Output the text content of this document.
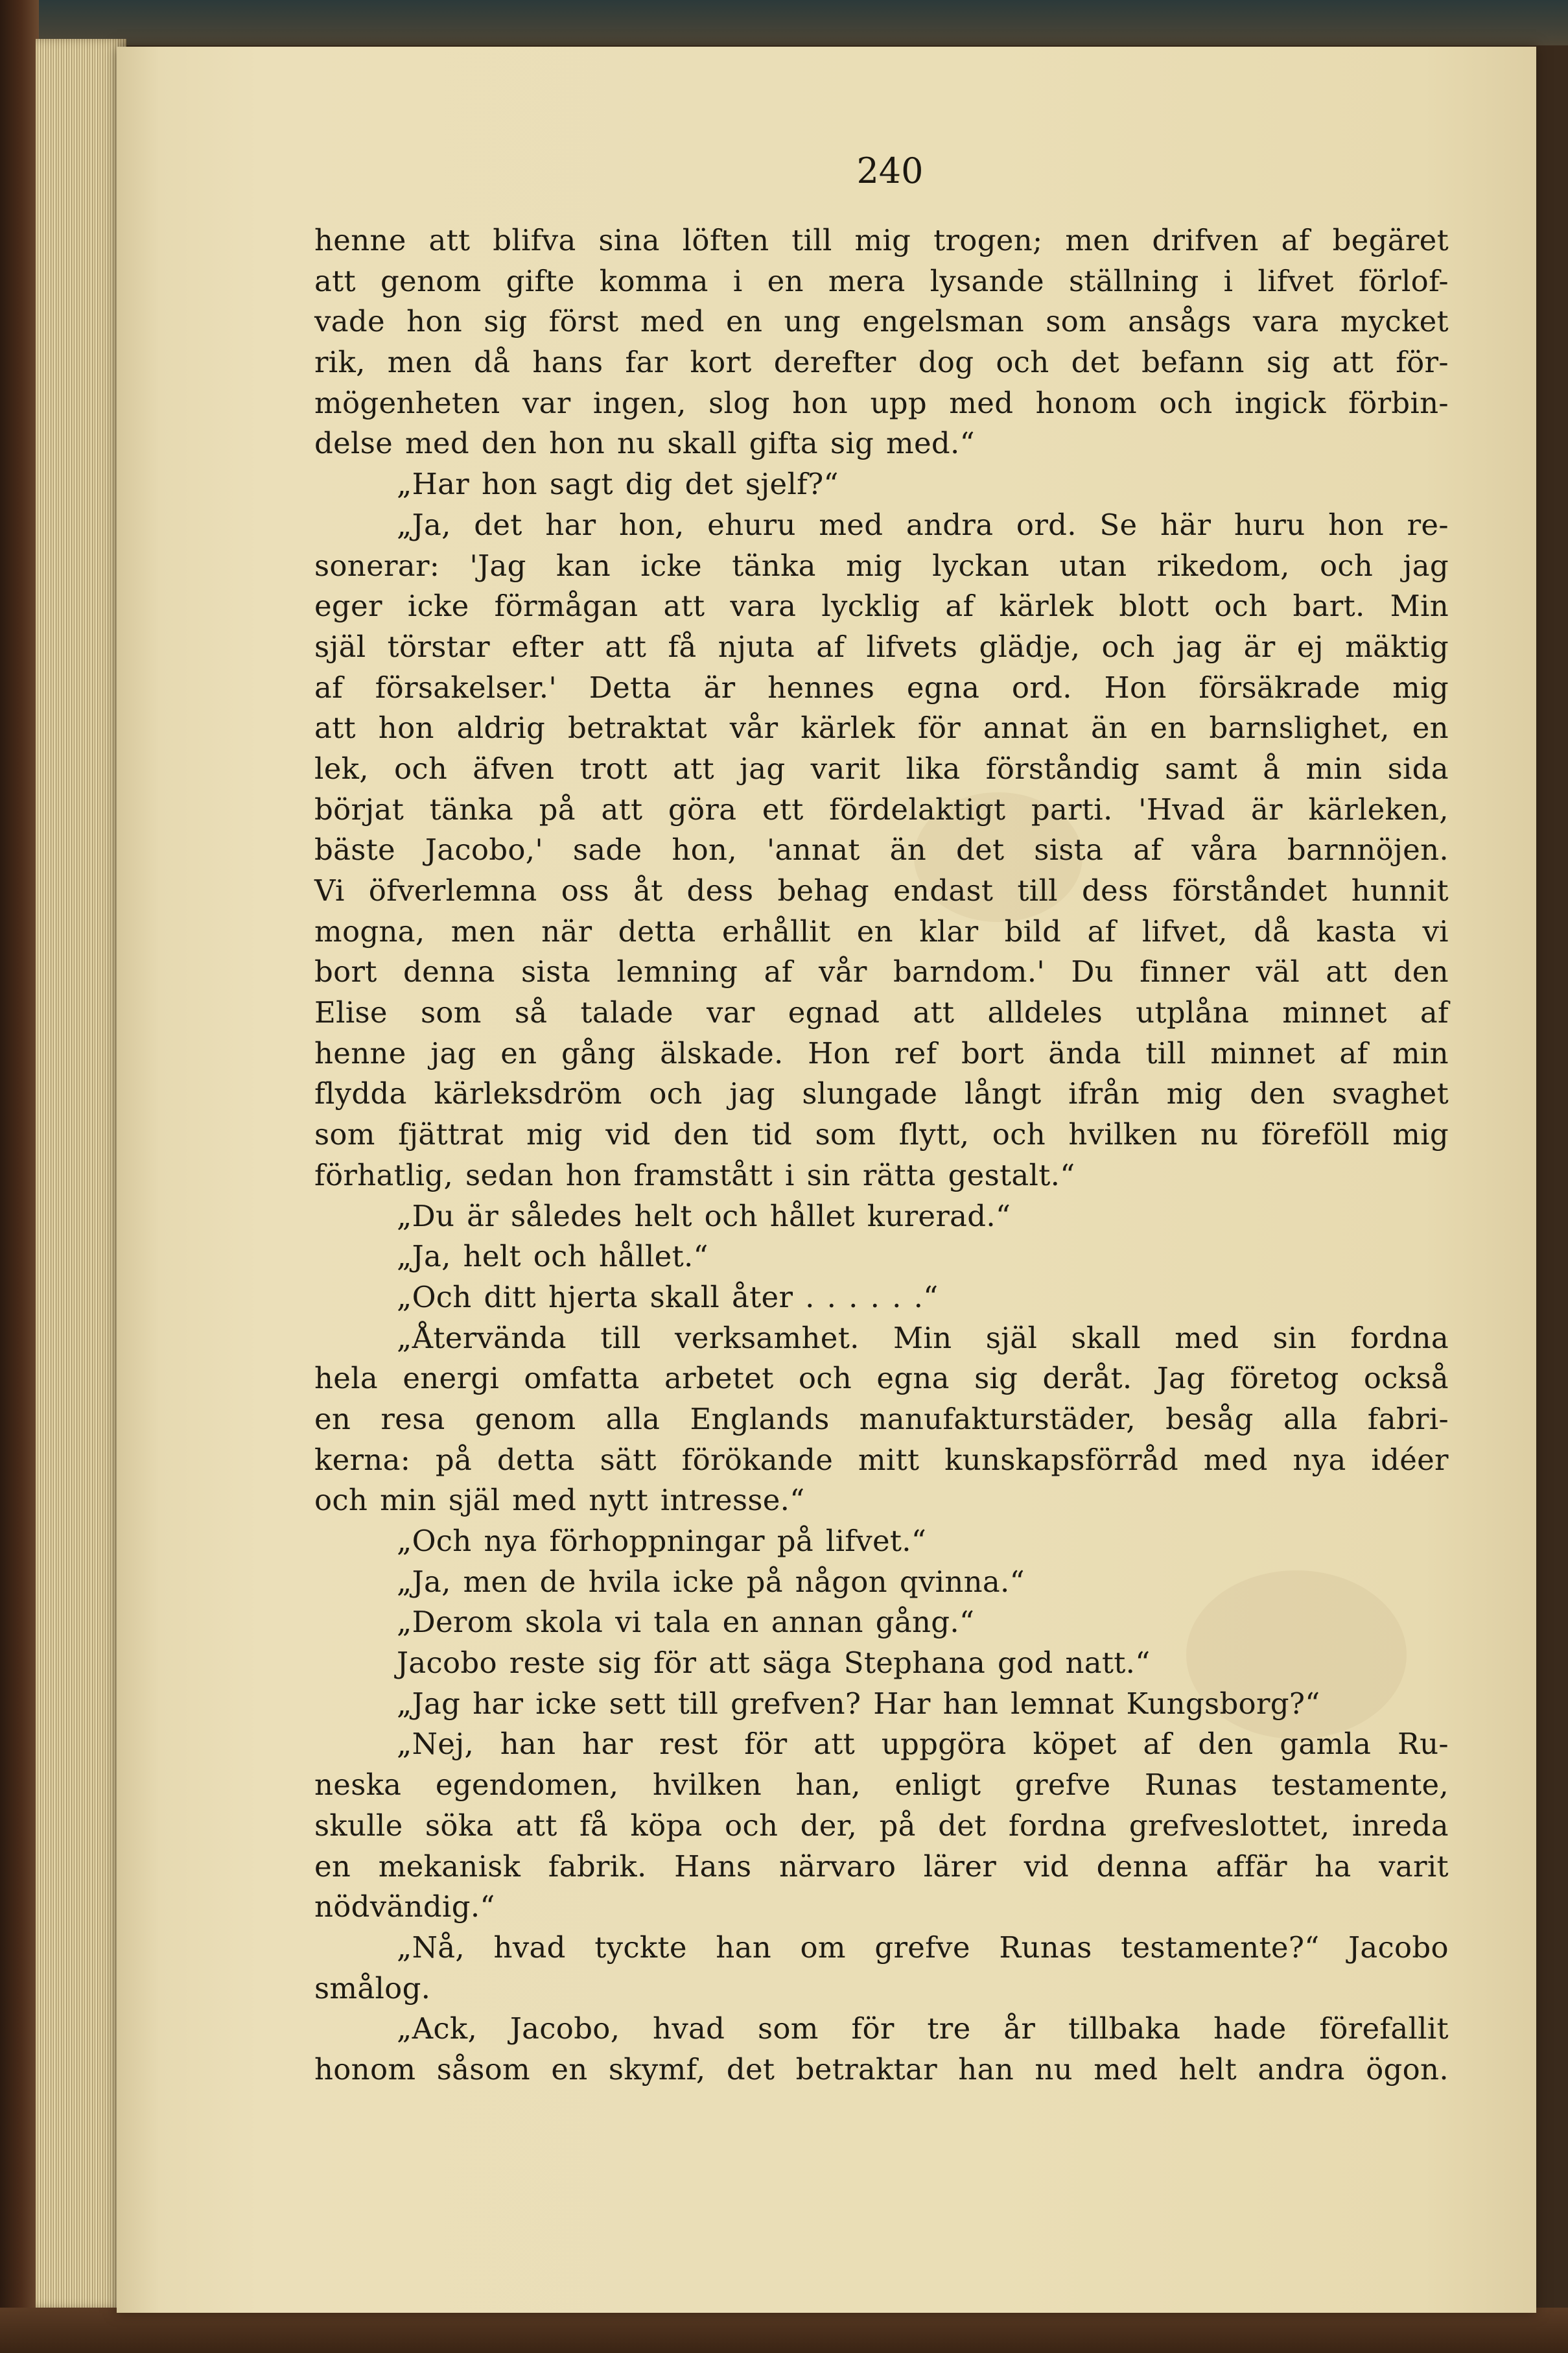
240
henne att blifva sina löften till mig trogen; men drifven af begäret
att genom gifte komma i en mera lysande ställning i lifvet förlof-
vade hon sig först med en ung engelsman som ansågs vara mycket
rik, men då hans far kort derefter dog och det befann sig att för-
mögenheten var ingen, slog hon upp med honom och ingick förbin-
delse med den hon nu skall gifta sig med.“
„Har hon sagt dig det sjelf?“
„Ja, det har hon, ehuru med andra ord. Se här huru hon re-
sonerar: 'Jag kan icke tänka mig lyckan utan rikedom, och jag
eger icke förmågan att vara lycklig af kärlek blott och bart. Min
själ törstar efter att få njuta af lifvets glädje, och jag är ej mäktig
af försakelser.' Detta är hennes egna ord. Hon försäkrade mig
att hon aldrig betraktat vår kärlek för annat än en barnslighet, en
lek, och äfven trott att jag varit lika förståndig samt å min sida
börjat tänka på att göra ett fördelaktigt parti. 'Hvad är kärleken,
bäste Jacobo,' sade hon, 'annat än det sista af våra barnnöjen.
Vi öfverlemna oss åt dess behag endast till dess förståndet hunnit
mogna, men när detta erhållit en klar bild af lifvet, då kasta vi
bort denna sista lemning af vår barndom.' Du finner väl att den
Elise som så talade var egnad att alldeles utplåna minnet af
henne jag en gång älskade. Hon ref bort ända till minnet af min
flydda kärleksdröm och jag slungade långt ifrån mig den svaghet
som fjättrat mig vid den tid som flytt, och hvilken nu föreföll mig
förhatlig, sedan hon framstått i sin rätta gestalt.“
„Du är således helt och hållet kurerad.“
„Ja, helt och hållet.“
„Och ditt hjerta skall åter . . . . . .“
„Återvända till verksamhet. Min själ skall med sin fordna
hela energi omfatta arbetet och egna sig deråt. Jag företog också
en resa genom alla Englands manufakturstäder, besåg alla fabri-
kerna: på detta sätt förökande mitt kunskapsförråd med nya idéer
och min själ med nytt intresse.“
„Och nya förhoppningar på lifvet.“
„Ja, men de hvila icke på någon qvinna.“
„Derom skola vi tala en annan gång.“
Jacobo reste sig för att säga Stephana god natt.“
„Jag har icke sett till grefven? Har han lemnat Kungsborg?“
„Nej, han har rest för att uppgöra köpet af den gamla Ru-
neska egendomen, hvilken han, enligt grefve Runas testamente,
skulle söka att få köpa och der, på det fordna grefveslottet, inreda
en mekanisk fabrik. Hans närvaro lärer vid denna affär ha varit
nödvändig.“
„Nå, hvad tyckte han om grefve Runas testamente?“ Jacobo
smålog.
„Ack, Jacobo, hvad som för tre år tillbaka hade förefallit
honom såsom en skymf, det betraktar han nu med helt andra ögon.
